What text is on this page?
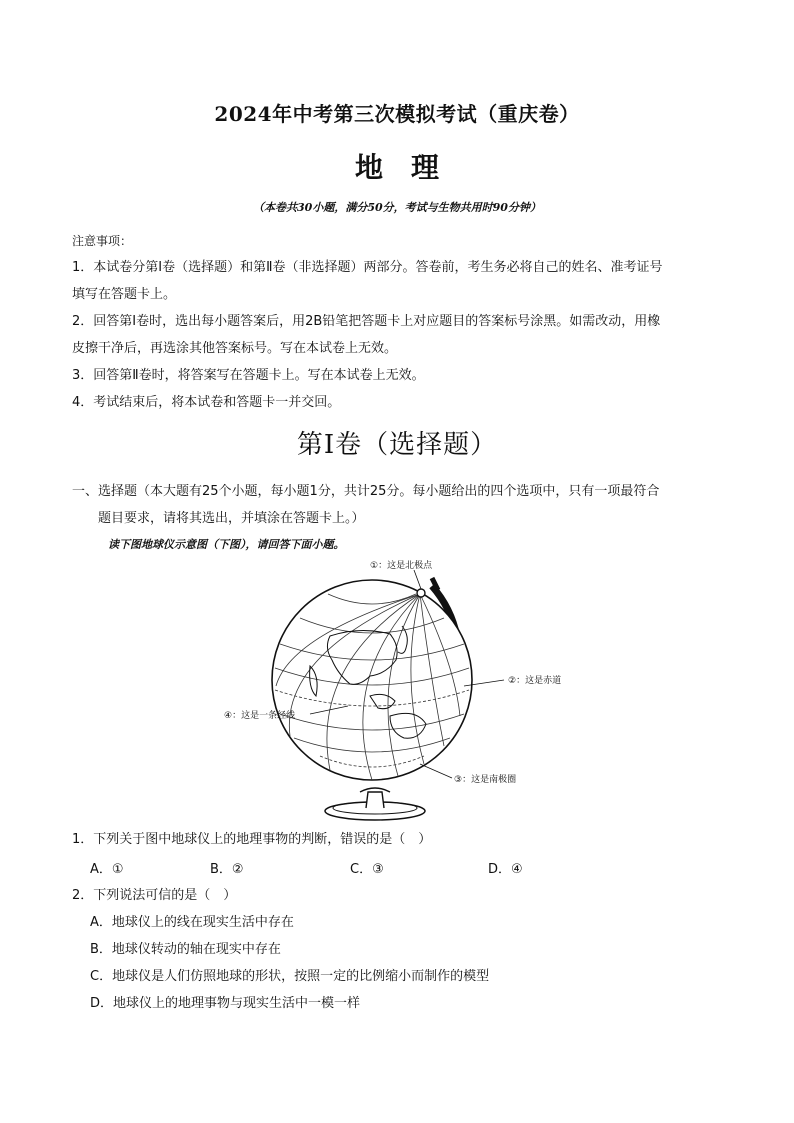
2024年中考第三次模拟考试（重庆卷）
地理
（本卷共30小题，满分50分，考试与生物共用时90分钟）

注意事项：

1．本试卷分第Ⅰ卷（选择题）和第Ⅱ卷（非选择题）两部分。答卷前，考生务必将自己的姓名、准考证号

填写在答题卡上。

2．回答第Ⅰ卷时，选出每小题答案后，用2B铅笔把答题卡上对应题目的答案标号涂黑。如需改动，用橡

皮擦干净后，再选涂其他答案标号。写在本试卷上无效。

3．回答第Ⅱ卷时，将答案写在答题卡上。写在本试卷上无效。

4．考试结束后，将本试卷和答题卡一并交回。

第Ⅰ卷（选择题）
一、选择题（本大题有25个小题，每小题1分，共计25分。每小题给出的四个选项中，只有一项最符合
题目要求，请将其选出，并填涂在答题卡上。）
读下图地球仪示意图（下图），请回答下面小题。
①：这是北极点
②：这是赤道
③：这是南极圈
④：这是一条经线
1．下列关于图中地球仪上的地理事物的判断，错误的是（　）
A．①	B．②	C．③	D．④
2．下列说法可信的是（　）
A．地球仪上的线在现实生活中存在
B．地球仪转动的轴在现实中存在
C．地球仪是人们仿照地球的形状，按照一定的比例缩小而制作的模型
D．地球仪上的地理事物与现实生活中一模一样
